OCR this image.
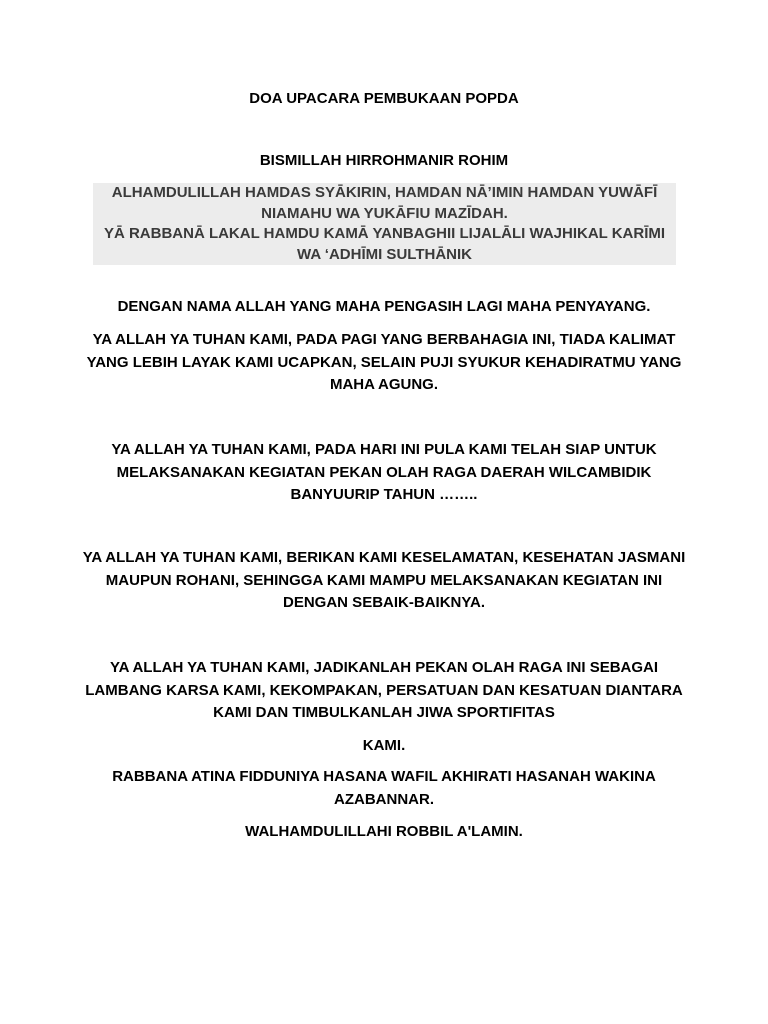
DOA UPACARA PEMBUKAAN POPDA

BISMILLAH HIRROHMANIR ROHIM

ALHAMDULILLAH HAMDAS SYĀKIRIN, HAMDAN NĀ’IMIN HAMDAN YUWĀFĪ NIAMAHU WA YUKĀFIU MAZĪDAH.

YĀ RABBANĀ LAKAL HAMDU KAMĀ YANBAGHII LIJALĀLI WAJHIKAL KARĪMI WA ‘ADHĪMI SULTHĀNIK

DENGAN NAMA ALLAH YANG MAHA PENGASIH LAGI MAHA PENYAYANG.

YA ALLAH YA TUHAN KAMI, PADA PAGI YANG BERBAHAGIA INI, TIADA KALIMAT YANG LEBIH LAYAK KAMI UCAPKAN, SELAIN PUJI SYUKUR KEHADIRATMU YANG MAHA AGUNG.

YA ALLAH YA TUHAN KAMI, PADA HARI INI PULA KAMI TELAH SIAP UNTUK MELAKSANAKAN KEGIATAN PEKAN OLAH RAGA DAERAH WILCAMBIDIK BANYUURIP TAHUN ……..

YA ALLAH YA TUHAN KAMI, BERIKAN KAMI KESELAMATAN, KESEHATAN JASMANI MAUPUN ROHANI, SEHINGGA KAMI MAMPU MELAKSANAKAN KEGIATAN INI DENGAN SEBAIK-BAIKNYA.

YA ALLAH YA TUHAN KAMI, JADIKANLAH PEKAN OLAH RAGA INI SEBAGAI LAMBANG KARSA KAMI, KEKOMPAKAN, PERSATUAN DAN KESATUAN DIANTARA KAMI DAN TIMBULKANLAH JIWA SPORTIFITAS

KAMI.

RABBANA ATINA FIDDUNIYA HASANA WAFIL AKHIRATI HASANAH WAKINA AZABANNAR.

WALHAMDULILLAHI ROBBIL A'LAMIN.
